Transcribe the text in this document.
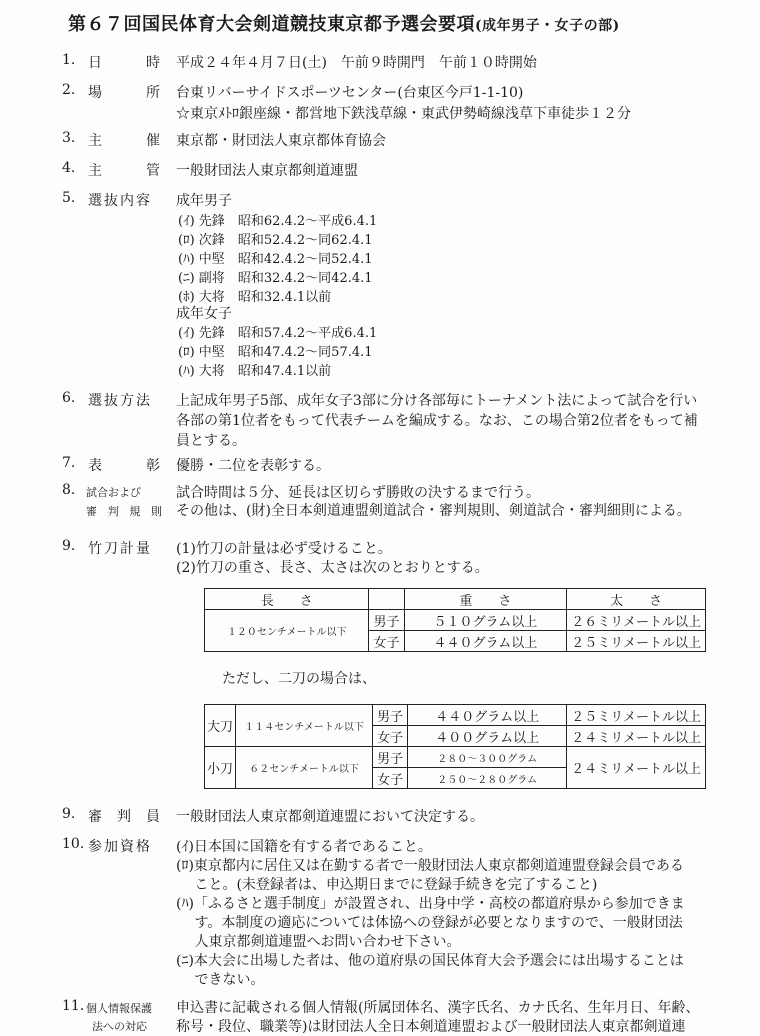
第６７回国民体育大会剣道競技東京都予選会要項(成年男子・女子の部)
1. 日	時 平成２４年４月７日(土)　午前９時開門　午前１０時開始
2. 場	所 台東リバーサイドスポーツセンター(台東区今戸1-1-10)
☆東京ﾒﾄﾛ銀座線・都営地下鉄浅草線・東武伊勢崎線浅草下車徒歩１２分
3. 主	催 東京都・財団法人東京都体育協会
4. 主	管 一般財団法人東京都剣道連盟
5. 選抜内容 成年男子
(ｲ) 先鋒　 昭和62.4.2〜平成6.4.1
(ﾛ) 次鋒　 昭和52.4.2〜同62.4.1
(ﾊ) 中堅　 昭和42.4.2〜同52.4.1
(ﾆ) 副将　 昭和32.4.2〜同42.4.1
(ﾎ) 大将　 昭和32.4.1以前
成年女子
(ｲ) 先鋒　 昭和57.4.2〜平成6.4.1
(ﾛ) 中堅　 昭和47.4.2〜同57.4.1
(ﾊ) 大将　 昭和47.4.1以前
6. 選抜方法 上記成年男子5部、成年女子3部に分け各部毎にトーナメント法によって試合を行い
各部の第1位者をもって代表チームを編成する。なお、この場合第2位者をもって補
員とする。
7. 表	彰 優勝・二位を表彰する。
8. 試合および
審 判 規 則
試合時間は５分、延長は区切らず勝敗の決するまで行う。
その他は、(財)全日本剣道連盟剣道試合・審判規則、剣道試合・審判細則による。
9. 竹刀計量 (1)竹刀の計量は必ず受けること。
(2)竹刀の重さ、長さ、太さは次のとおりとする。
長　　さ		重　　さ	太　　さ
１２０センチメートル以下	男子	５１０グラム以上	２６ミリメートル以上
	女子	４４０グラム以上	２５ミリメートル以上
ただし、二刀の場合は、
大刀	１１４センチメートル以下	男子	４４０グラム以上	２５ミリメートル以上
		女子	４００グラム以上	２４ミリメートル以上
小刀	６２センチメートル以下	男子	２８０〜３００グラム	２４ミリメートル以上
		女子	２５０〜２８０グラム	
9. 審 判 員 一般財団法人東京都剣道連盟において決定する。
10. 参加資格 (ｲ)日本国に国籍を有する者であること。
(ﾛ)東京都内に居住又は在勤する者で一般財団法人東京都剣道連盟登録会員である
　 こと。(未登録者は、申込期日までに登録手続きを完了すること)
(ﾊ)「ふるさと選手制度」が設置され、出身中学・高校の都道府県から参加できま
　 す。本制度の適応については体協への登録が必要となりますので、一般財団法
　 人東京都剣道連盟へお問い合わせ下さい。
(ﾆ)本大会に出場した者は、他の道府県の国民体育大会予選会には出場することは
　 できない。
11. 個人情報保護
法への対応
申込書に記載される個人情報(所属団体名、漢字氏名、カナ氏名、生年月日、年齢、
称号・段位、職業等)は財団法人全日本剣道連盟および一般財団法人東京都剣道連
